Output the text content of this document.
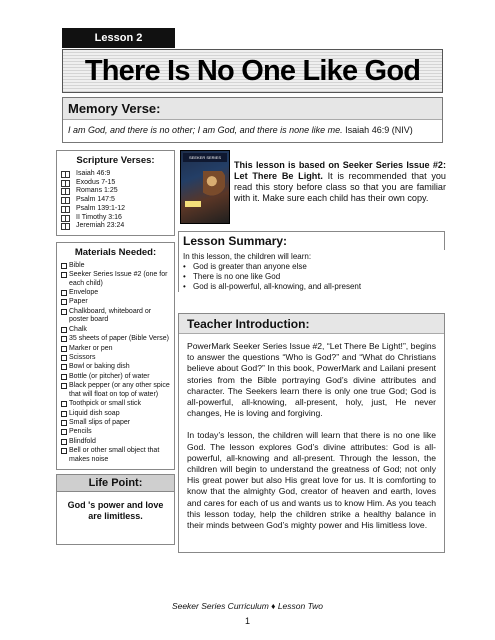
Lesson 2
There Is No One Like God
Memory Verse:
I am God, and there is no other; I am God, and there is none like me. Isaiah 46:9 (NIV)
Scripture Verses:
Isaiah 46:9
Exodus 7-15
Romans 1:25
Psalm 147:5
Psalm 139:1-12
II Timothy 3:16
Jeremiah 23:24
Materials Needed:
Bible
Seeker Series Issue #2 (one for each child)
Envelope
Paper
Chalkboard, whiteboard or poster board
Chalk
35 sheets of paper (Bible Verse)
Marker or pen
Scissors
Bowl or baking dish
Bottle (or pitcher) of water
Black pepper (or any other spice that will float on top of water)
Toothpick or small stick
Liquid dish soap
Small slips of paper
Pencils
Blindfold
Bell or other small object that makes noise
Life Point:
God 's power and love are limitless.
SEEKER SERIES
This lesson is based on Seeker Series Issue #2: Let There Be Light. It is recommended that you read this story before class so that you are familiar with it. Make sure each child has their own copy.
Lesson Summary:
In this lesson, the children will learn:
• God is greater than anyone else
• There is no one like God
• God is all-powerful, all-knowing, and all-present
Teacher Introduction:

PowerMark Seeker Series Issue #2, “Let There Be Light!”, begins to answer the questions “Who is God?” and “What do Christians believe about God?” In this book, PowerMark and Lailani present stories from the Bible portraying God’s divine attributes and character. The Seekers learn there is only one true God; God is all-powerful, all-knowing, all-present, holy, just, He never changes, He is loving and forgiving.

In today’s lesson, the children will learn that there is no one like God. The lesson explores God’s divine attributes: God is all-powerful, all-knowing and all-present. Through the lesson, the children will begin to understand the greatness of God; not only His great power but also His great love for us. It is comforting to know that the almighty God, creator of heaven and earth, loves and cares for each of us and wants us to know Him. As you teach this lesson today, help the children strike a healthy balance in their minds between God’s mighty power and His limitless love.

Seeker Series Curriculum ♦ Lesson Two
1
